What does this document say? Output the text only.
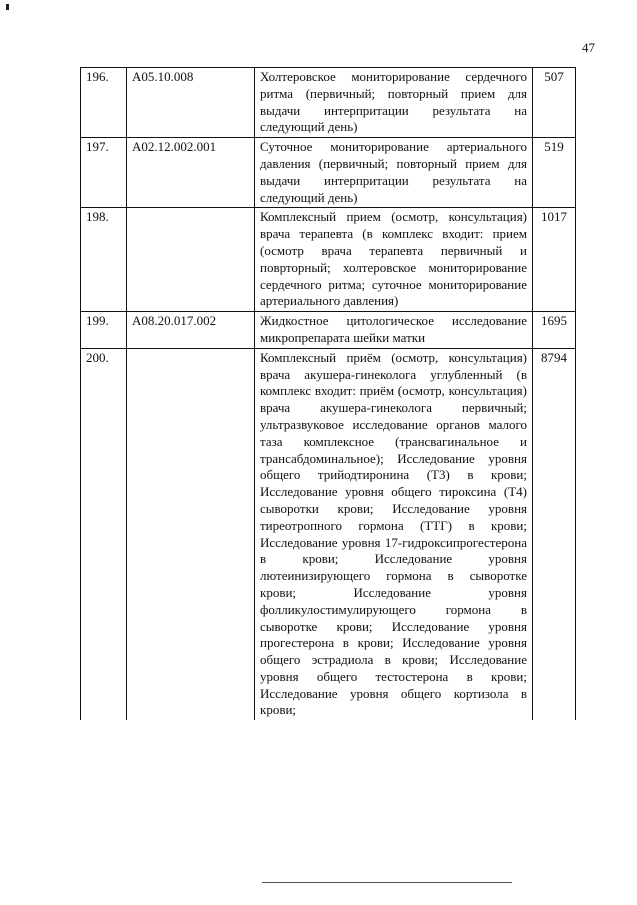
47
196.	A05.10.008	Холтеровское мониторирование сердечного ритма (первичный; повторный прием для выдачи интерпритации результата на следующий день)	507
197.	A02.12.002.001	Суточное мониторирование артериального давления (первичный; повторный прием для выдачи интерпритации результата на следующий день)	519
198.		Комплексный прием (осмотр, консультация) врача терапевта (в комплекс входит: прием (осмотр врача терапевта первичный и поврторный; холтеровское мониторирование сердечного ритма; суточное мониторирование артериального давления)	1017
199.	A08.20.017.002	Жидкостное цитологическое исследование микропрепарата шейки матки	1695
200.		Комплексный приём (осмотр, консультация) врача акушера-гинеколога углубленный (в комплекс входит: приём (осмотр, консультация) врача акушера-гинеколога первичный; ультразвуковое исследование органов малого таза комплексное (трансвагинальное и трансабдоминальное); Исследование уровня общего трийодтиронина (Т3) в крови; Исследование уровня общего тироксина (Т4) сыворотки крови; Исследование уровня тиреотропного гормона (ТТГ) в крови; Исследование уровня 17-гидроксипрогестерона в крови; Исследование уровня лютеинизирующего гормона в сыворотке крови; Исследование уровня фолликулостимулирующего гормона в сыворотке крови; Исследование уровня прогестерона в крови; Исследование уровня общего эстрадиола в крови; Исследование уровня общего тестостерона в крови; Исследование уровня общего кортизола в крови;	8794
